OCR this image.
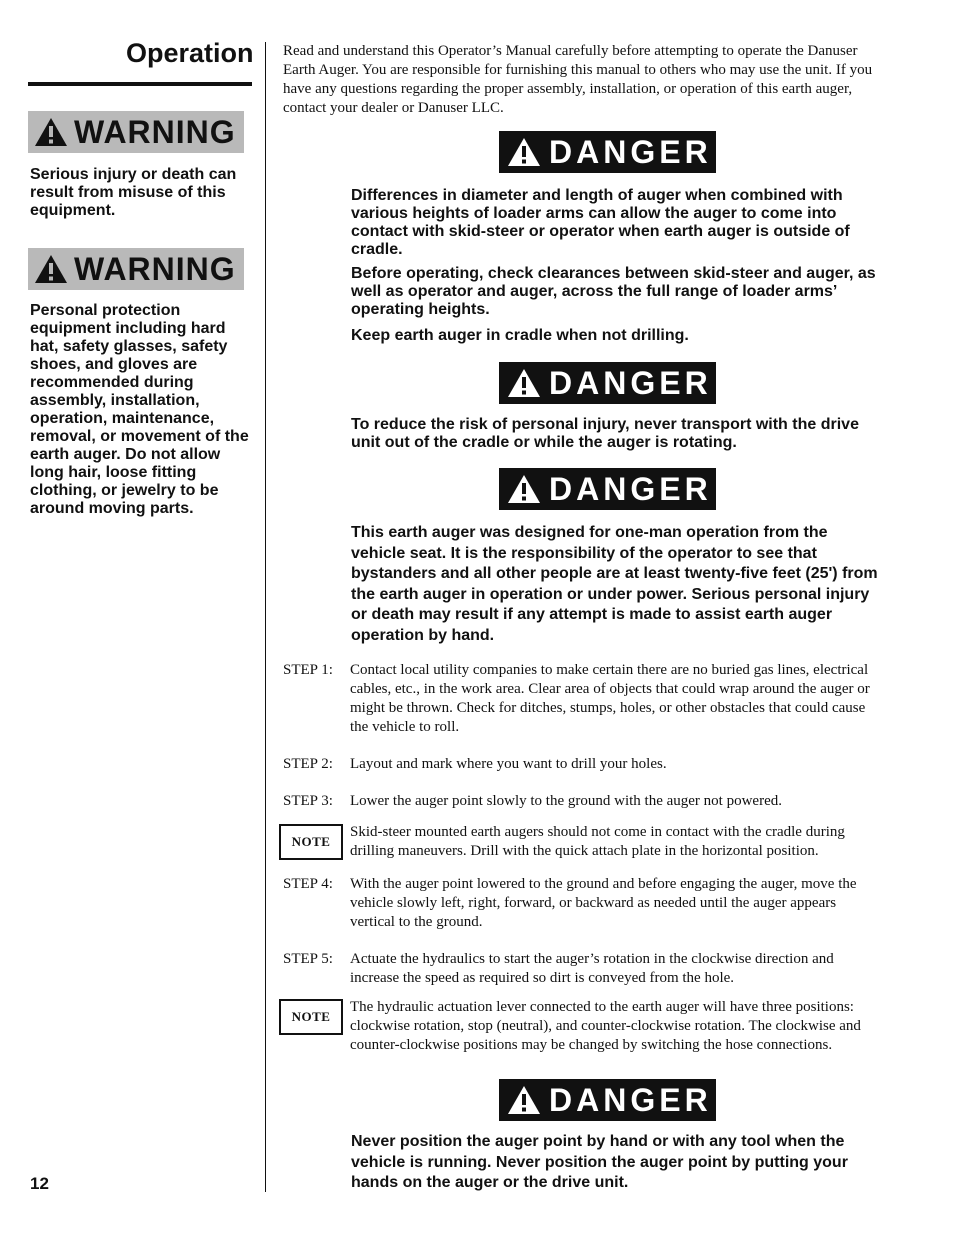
Operation
WARNING

Serious injury or death can result from misuse of this equipment.

WARNING

Personal protection equipment including hard hat, safety glasses, safety shoes, and gloves are recommended during assembly, installation, operation, maintenance, removal, or movement of the earth auger. Do not allow long hair, loose fitting clothing, or jewelry to be around moving parts.

12

Read and understand this Operator’s Manual carefully before attempting to operate the Danuser Earth Auger. You are responsible for furnishing this manual to others who may use the unit. If you have any questions regarding the proper assembly, installation, or operation of this earth auger, contact your dealer or Danuser LLC.

DANGER

Differences in diameter and length of auger when combined with various heights of loader arms can allow the auger to come into contact with skid-steer or operator when earth auger is outside of cradle.

Before operating, check clearances between skid-steer and auger, as well as operator and auger, across the full range of loader arms’ operating heights.

Keep earth auger in cradle when not drilling.

DANGER

To reduce the risk of personal injury, never transport with the drive unit out of the cradle or while the auger is rotating.

DANGER

This earth auger was designed for one-man operation from the vehicle seat. It is the responsibility of the operator to see that bystanders and all other people are at least twenty-five feet (25') from the earth auger in operation or under power. Serious personal injury or death may result if any attempt is made to assist earth auger operation by hand.

STEP 1: Contact local utility companies to make certain there are no buried gas lines, electrical cables, etc., in the work area. Clear area of objects that could wrap around the auger or might be thrown. Check for ditches, stumps, holes, or other obstacles that could cause the vehicle to roll.
STEP 2: Layout and mark where you want to drill your holes.
STEP 3: Lower the auger point slowly to the ground with the auger not powered.
NOTE

Skid-steer mounted earth augers should not come in contact with the cradle during drilling maneuvers. Drill with the quick attach plate in the horizontal position.

STEP 4: With the auger point lowered to the ground and before engaging the auger, move the vehicle slowly left, right, forward, or backward as needed until the auger appears vertical to the ground.
STEP 5: Actuate the hydraulics to start the auger’s rotation in the clockwise direction and increase the speed as required so dirt is conveyed from the hole.
NOTE

The hydraulic actuation lever connected to the earth auger will have three positions: clockwise rotation, stop (neutral), and counter-clockwise rotation. The clockwise and counter-clockwise positions may be changed by switching the hose connections.

DANGER

Never position the auger point by hand or with any tool when the vehicle is running. Never position the auger point by putting your hands on the auger or the drive unit.
